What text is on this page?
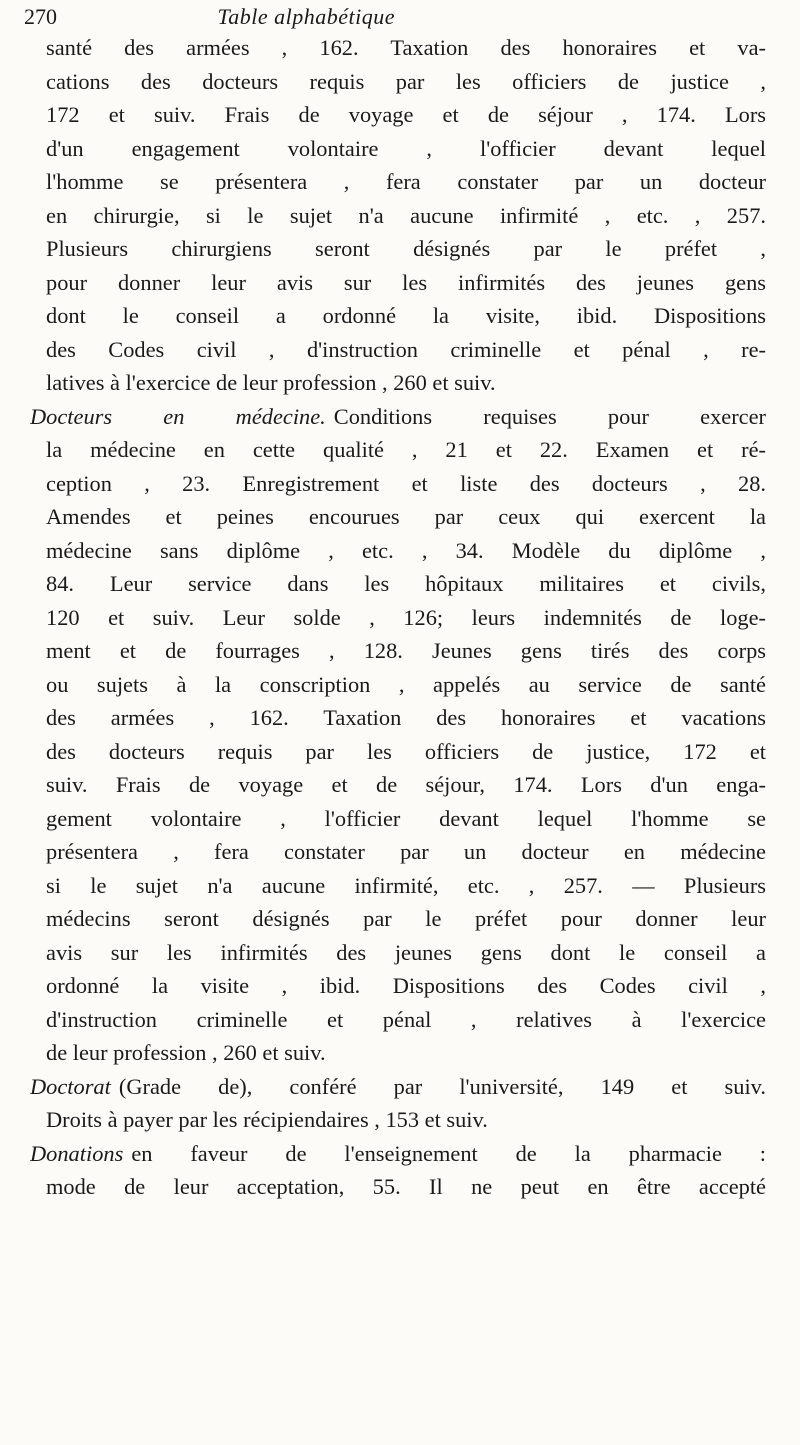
270	Table alphabétique
santé des armées , 162. Taxation des honoraires et va-
cations des docteurs requis par les officiers de justice ,
172 et suiv. Frais de voyage et de séjour , 174. Lors
d'un engagement volontaire , l'officier devant lequel
l'homme se présentera , fera constater par un docteur
en chirurgie, si le sujet n'a aucune infirmité , etc. , 257.
Plusieurs chirurgiens seront désignés par le préfet ,
pour donner leur avis sur les infirmités des jeunes gens
dont le conseil a ordonné la visite, ibid. Dispositions
des Codes civil , d'instruction criminelle et pénal , re-
latives à l'exercice de leur profession , 260 et suiv.
Docteurs en médecine. Conditions requises pour exercer
la médecine en cette qualité , 21 et 22. Examen et ré-
ception , 23. Enregistrement et liste des docteurs , 28.
Amendes et peines encourues par ceux qui exercent la
médecine sans diplôme , etc. , 34. Modèle du diplôme ,
84. Leur service dans les hôpitaux militaires et civils,
120 et suiv. Leur solde , 126; leurs indemnités de loge-
ment et de fourrages , 128. Jeunes gens tirés des corps
ou sujets à la conscription , appelés au service de santé
des armées , 162. Taxation des honoraires et vacations
des docteurs requis par les officiers de justice, 172 et
suiv. Frais de voyage et de séjour, 174. Lors d'un enga-
gement volontaire , l'officier devant lequel l'homme se
présentera , fera constater par un docteur en médecine
si le sujet n'a aucune infirmité, etc. , 257. — Plusieurs
médecins seront désignés par le préfet pour donner leur
avis sur les infirmités des jeunes gens dont le conseil a
ordonné la visite , ibid. Dispositions des Codes civil ,
d'instruction criminelle et pénal , relatives à l'exercice
de leur profession , 260 et suiv.
Doctorat (Grade de), conféré par l'université, 149 et suiv.
Droits à payer par les récipiendaires , 153 et suiv.
Donations en faveur de l'enseignement de la pharmacie :
mode de leur acceptation, 55. Il ne peut en être accepté
